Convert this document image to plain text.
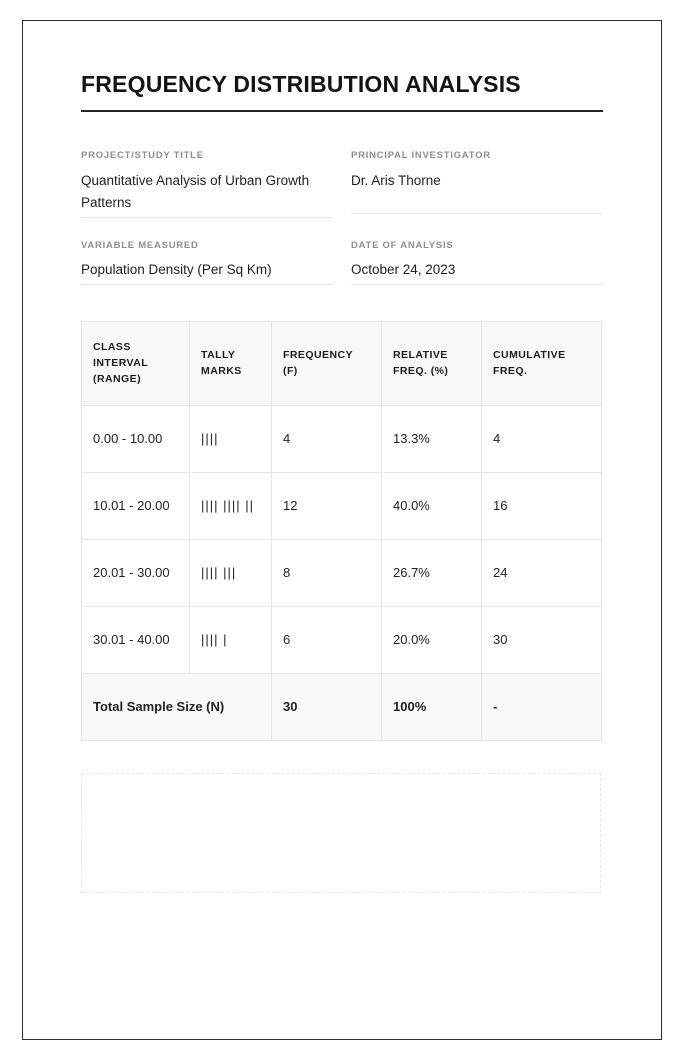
FREQUENCY DISTRIBUTION ANALYSIS
PROJECT/STUDY TITLE
Quantitative Analysis of Urban Growth Patterns
PRINCIPAL INVESTIGATOR
Dr. Aris Thorne
VARIABLE MEASURED
Population Density (Per Sq Km)
DATE OF ANALYSIS
October 24, 2023
CLASS INTERVAL (RANGE)	TALLY MARKS	FREQUENCY (F)	RELATIVE FREQ. (%)	CUMULATIVE FREQ.
0.00 - 10.00	||||	4	13.3%	4
10.01 - 20.00	|||| |||| ||	12	40.0%	16
20.01 - 30.00	|||| |||	8	26.7%	24
30.01 - 40.00	|||| |	6	20.0%	30
Total Sample Size (N)		30	100%	-
